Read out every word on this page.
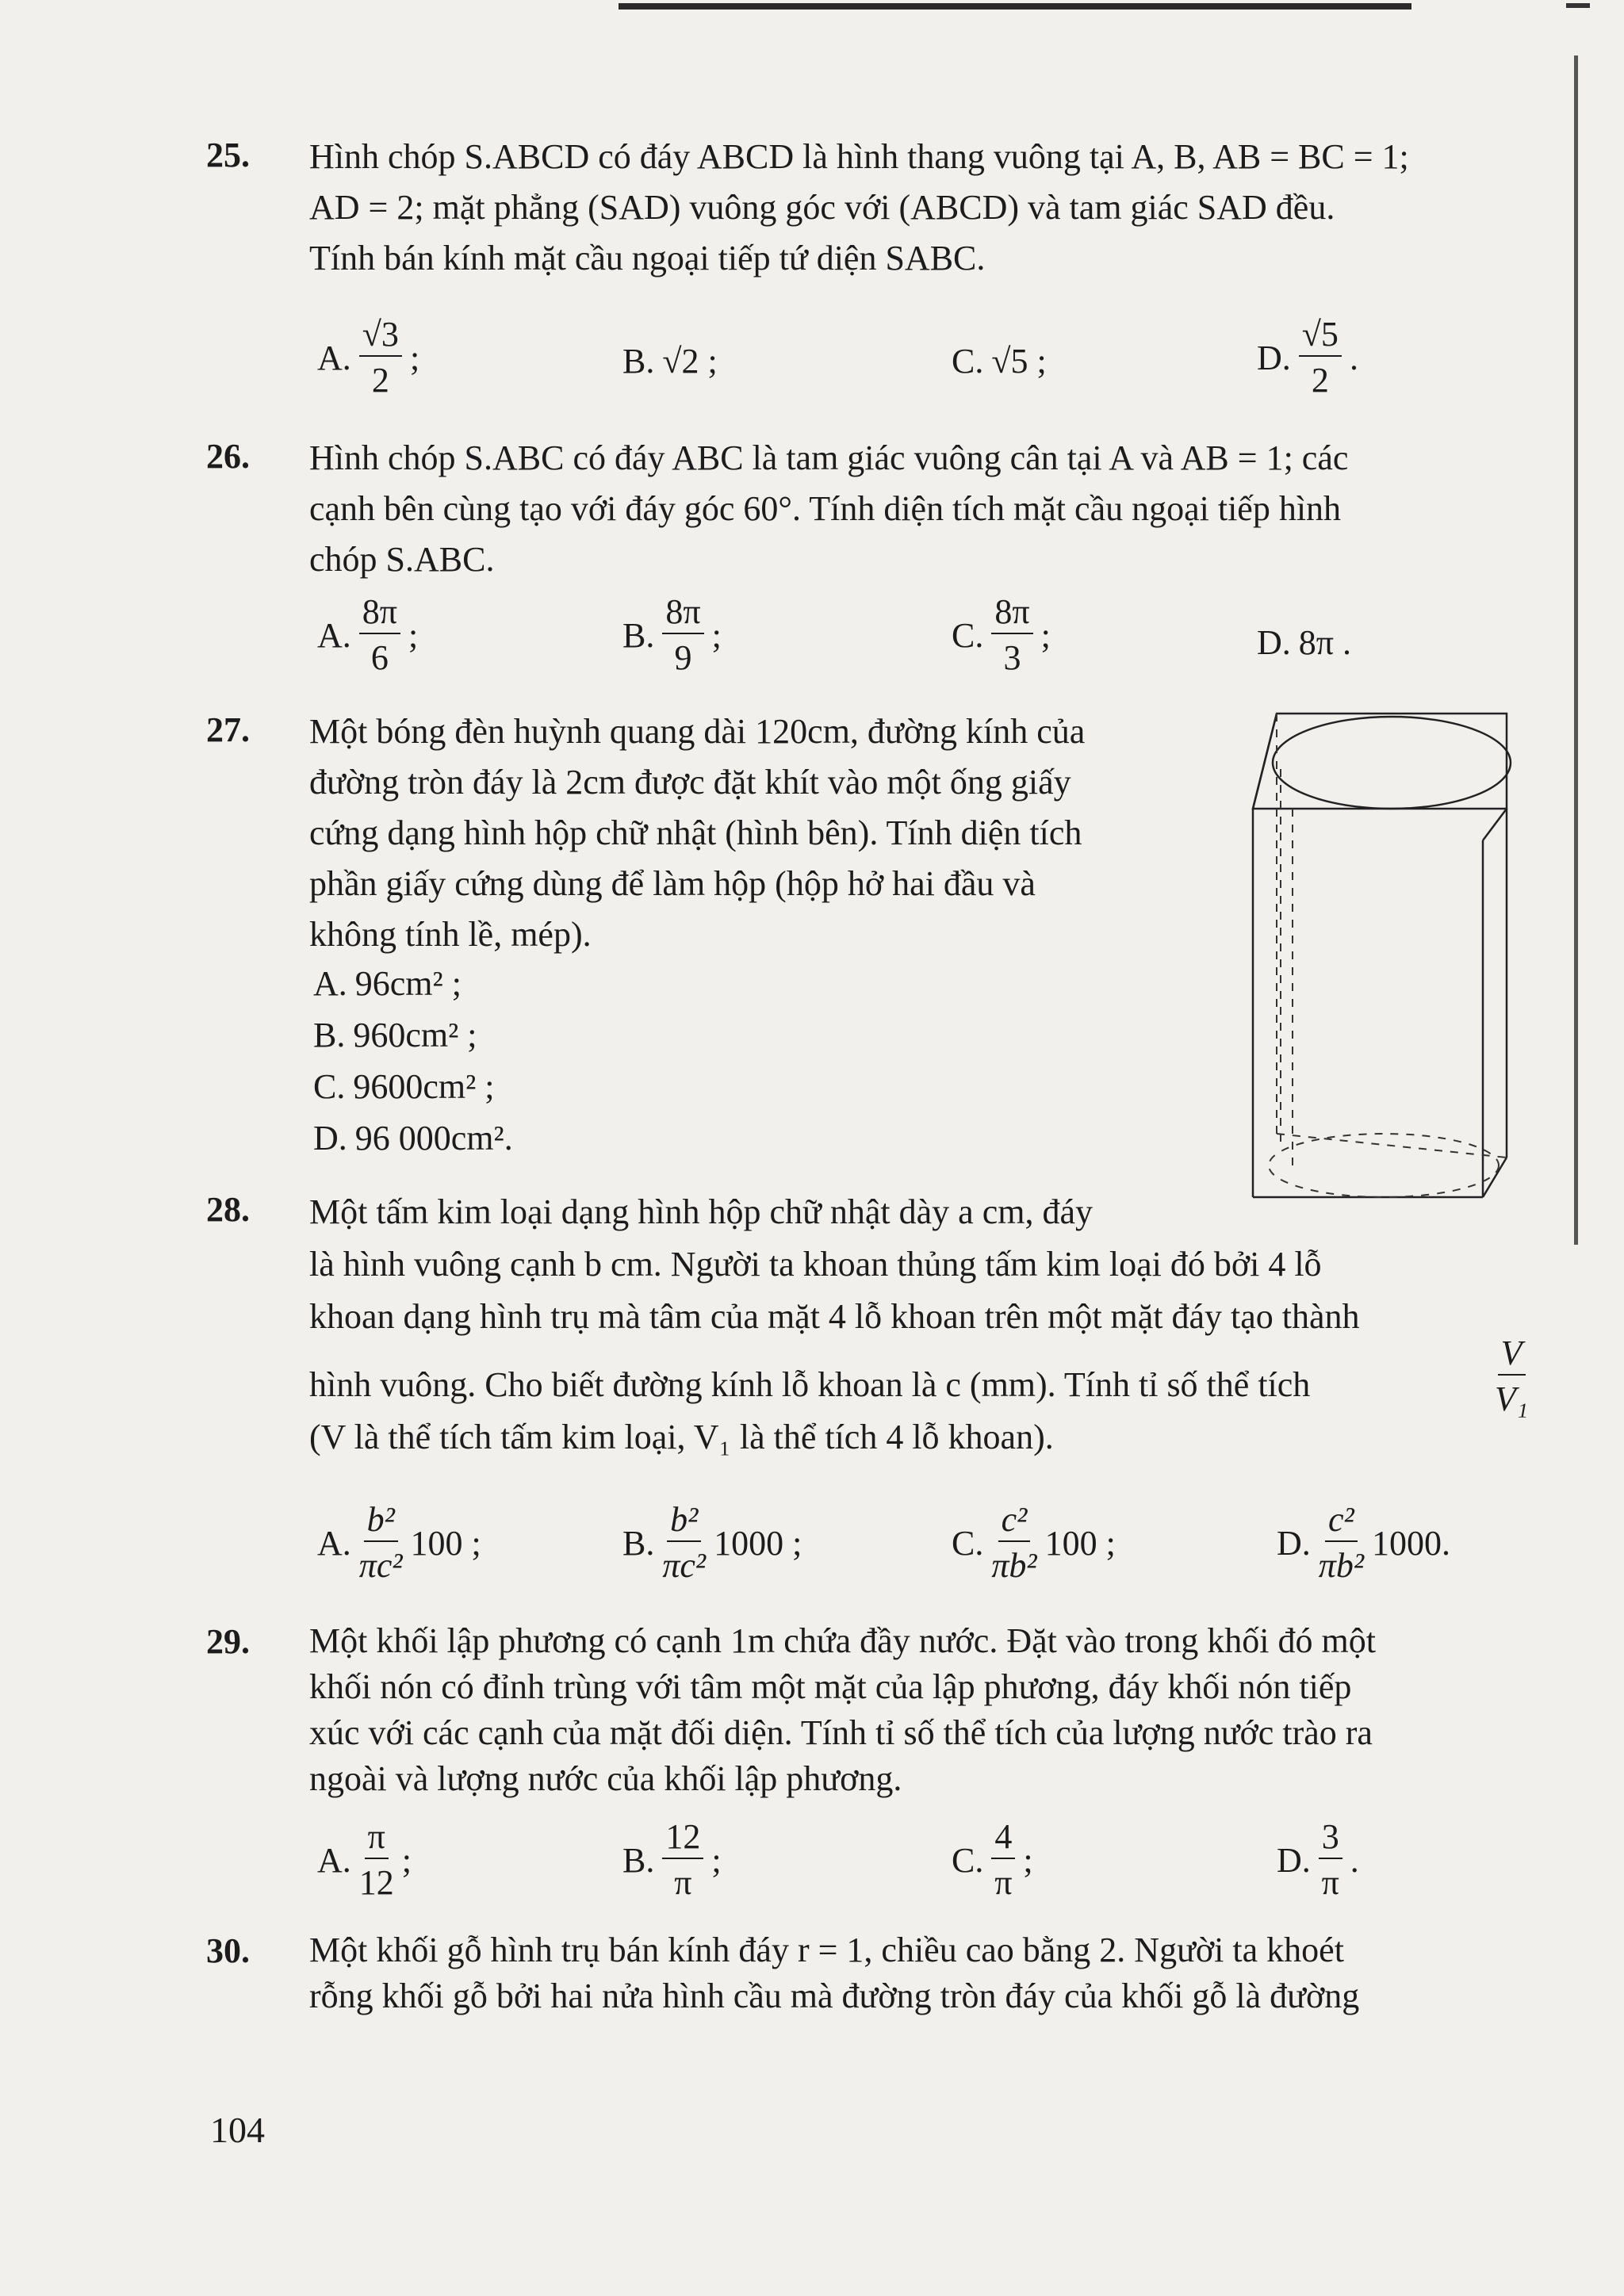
25. Hình chóp S.ABCD có đáy ABCD là hình thang vuông tại A, B, AB = BC = 1;
AD = 2; mặt phẳng (SAD) vuông góc với (ABCD) và tam giác SAD đều.
Tính bán kính mặt cầu ngoại tiếp tứ diện SABC.
A. $\frac{√3}{2}$ ;	B. √2 ;	C. √5 ;	D. $\frac{√5}{2}$ .
26. Hình chóp S.ABC có đáy ABC là tam giác vuông cân tại A và AB = 1; các
cạnh bên cùng tạo với đáy góc 60°. Tính diện tích mặt cầu ngoại tiếp hình
chóp S.ABC.
A. $\frac{8\pi}{6}$ ;	B. $\frac{8\pi}{9}$ ;	C. $\frac{8\pi}{3}$ ;	D. 8π .
27. Một bóng đèn huỳnh quang dài 120cm, đường kính của
đường tròn đáy là 2cm được đặt khít vào một ống giấy
cứng dạng hình hộp chữ nhật (hình bên). Tính diện tích
phần giấy cứng dùng để làm hộp (hộp hở hai đầu và
không tính lề, mép).
A. 96cm² ;
B. 960cm² ;
C. 9600cm² ;
D. 96 000cm².
28. Một tấm kim loại dạng hình hộp chữ nhật dày a cm, đáy
là hình vuông cạnh b cm. Người ta khoan thủng tấm kim loại đó bởi 4 lỗ
khoan dạng hình trụ mà tâm của mặt 4 lỗ khoan trên một mặt đáy tạo thành
hình vuông. Cho biết đường kính lỗ khoan là c (mm). Tính tỉ số thể tích
(V là thể tích tấm kim loại, V₁ là thể tích 4 lỗ khoan).
$\frac{V}{\text{V₁}}$
A. $\frac{\text{b²}}{\text{πc²}} 100$ ;	B. $\frac{\text{b²}}{\text{πc²}} 1000$ ;	C. $\frac{\text{c²}}{\text{πb²}} 100$ ;	D. $\frac{\text{c²}}{\text{πb²}} 1000$.
29. Một khối lập phương có cạnh 1m chứa đầy nước. Đặt vào trong khối đó một
khối nón có đỉnh trùng với tâm một mặt của lập phương, đáy khối nón tiếp
xúc với các cạnh của mặt đối diện. Tính tỉ số thể tích của lượng nước trào ra
ngoài và lượng nước của khối lập phương.
A. $\frac{\pi}{12}$ ;	B. $\frac{12}{\pi}$ ;	C. $\frac{4}{\pi}$ ;	D. $\frac{3}{\pi}$ .
30. Một khối gỗ hình trụ bán kính đáy r = 1, chiều cao bằng 2. Người ta khoét
rỗng khối gỗ bởi hai nửa hình cầu mà đường tròn đáy của khối gỗ là đường
104
